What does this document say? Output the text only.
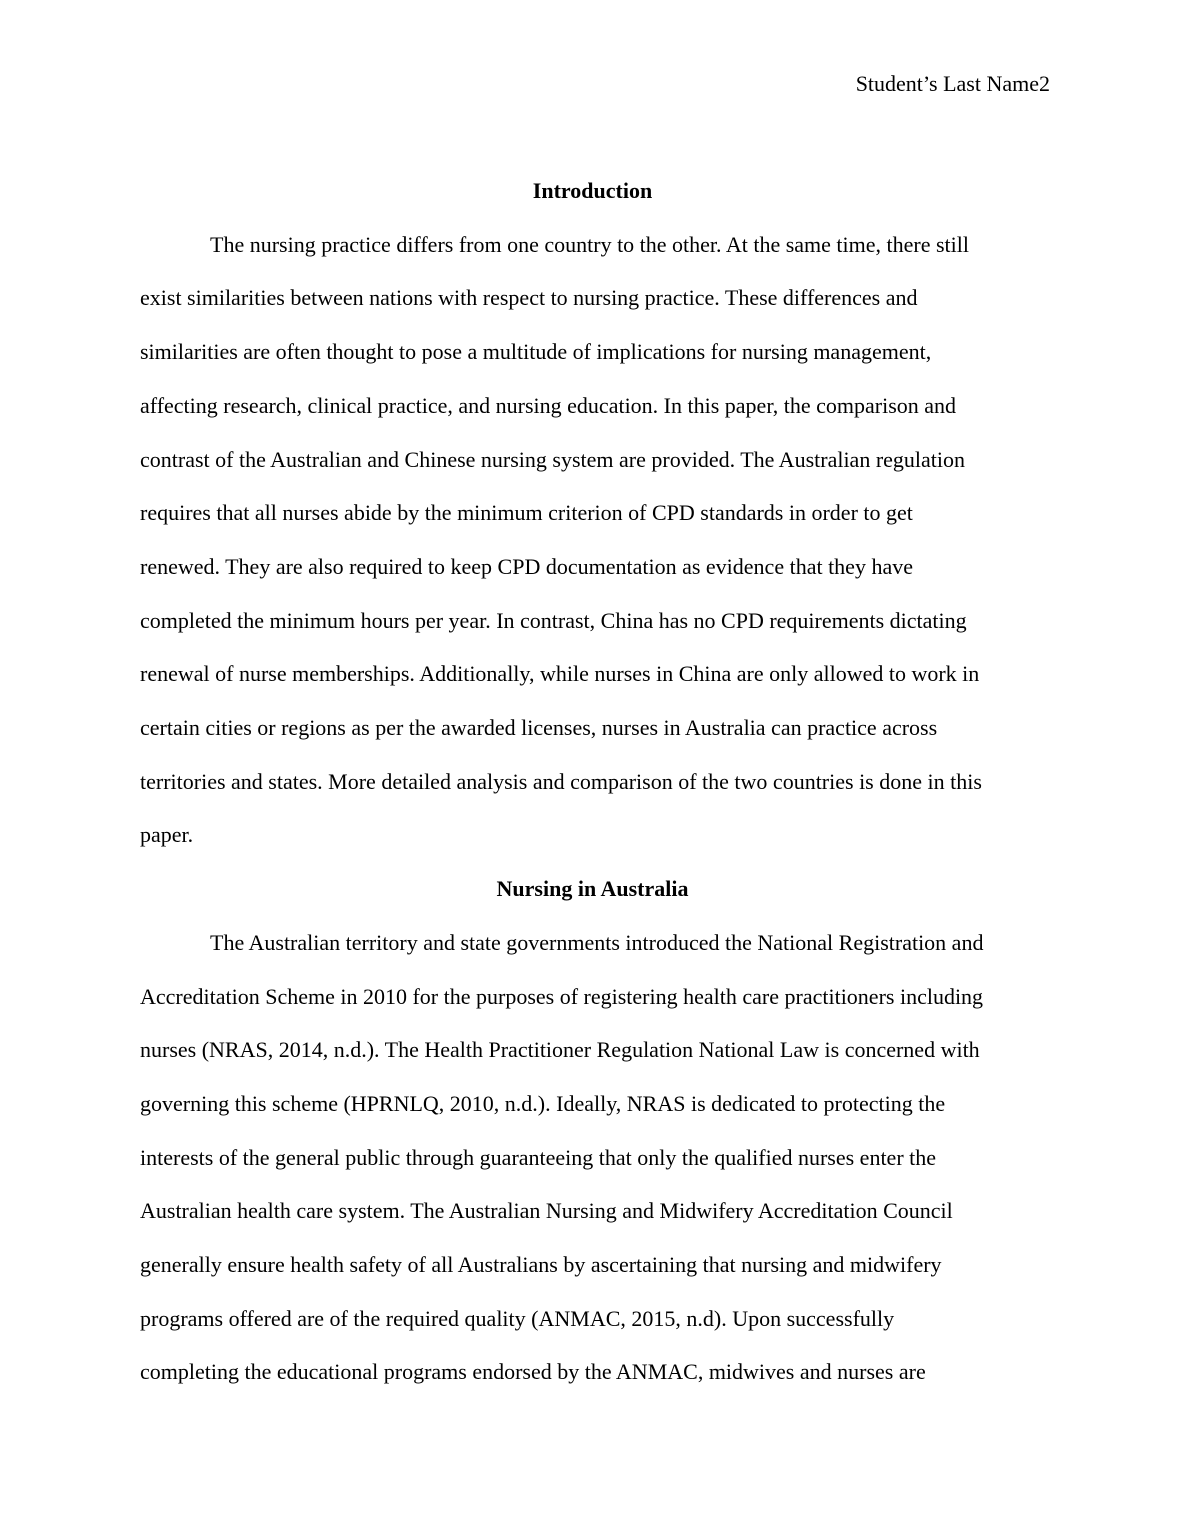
Student’s Last Name2
Introduction
The nursing practice differs from one country to the other. At the same time, there still
exist similarities between nations with respect to nursing practice. These differences and
similarities are often thought to pose a multitude of implications for nursing management,
affecting research, clinical practice, and nursing education. In this paper, the comparison and
contrast of the Australian and Chinese nursing system are provided. The Australian regulation
requires that all nurses abide by the minimum criterion of CPD standards in order to get
renewed. They are also required to keep CPD documentation as evidence that they have
completed the minimum hours per year. In contrast, China has no CPD requirements dictating
renewal of nurse memberships. Additionally, while nurses in China are only allowed to work in
certain cities or regions as per the awarded licenses, nurses in Australia can practice across
territories and states. More detailed analysis and comparison of the two countries is done in this
paper.
Nursing in Australia
The Australian territory and state governments introduced the National Registration and
Accreditation Scheme in 2010 for the purposes of registering health care practitioners including
nurses (NRAS, 2014, n.d.). The Health Practitioner Regulation National Law is concerned with
governing this scheme (HPRNLQ, 2010, n.d.). Ideally, NRAS is dedicated to protecting the
interests of the general public through guaranteeing that only the qualified nurses enter the
Australian health care system. The Australian Nursing and Midwifery Accreditation Council
generally ensure health safety of all Australians by ascertaining that nursing and midwifery
programs offered are of the required quality (ANMAC, 2015, n.d). Upon successfully
completing the educational programs endorsed by the ANMAC, midwives and nurses are
